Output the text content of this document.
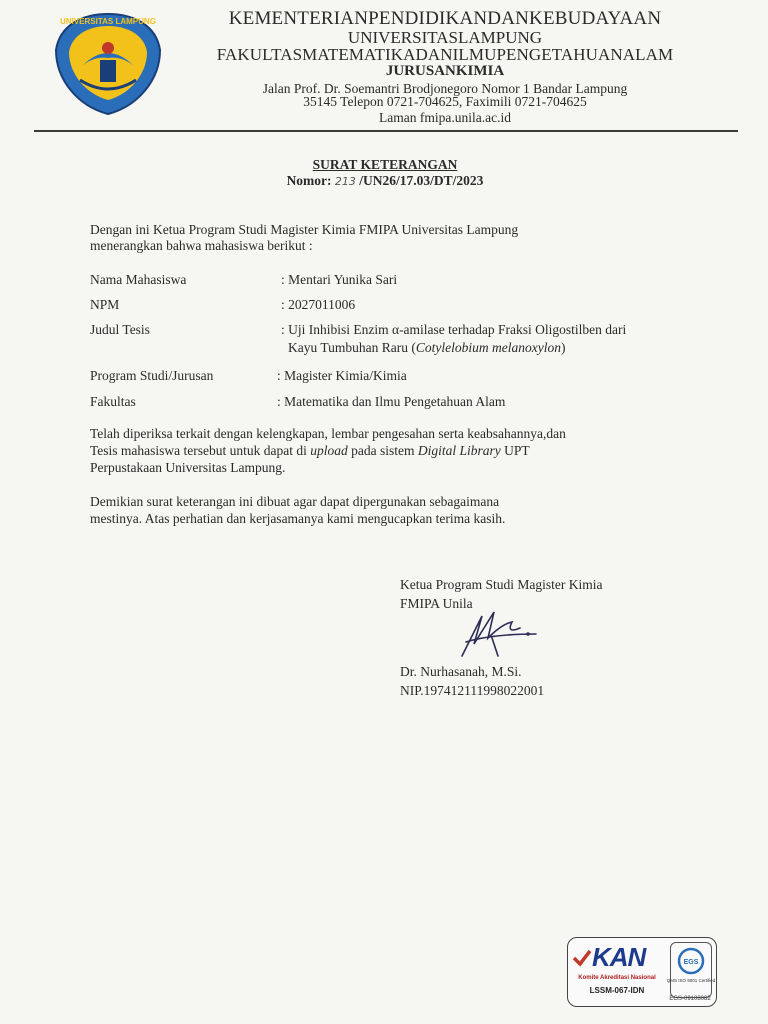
UNIVERSITAS LAMPUNG	KEMENTERIANPENDIDIKANDANKEBUDAYAAN
UNIVERSITASLAMPUNG
FAKULTASMATEMATIKADANILMUPENGETAHUANALAM
JURUSANKIMIA
Jalan Prof. Dr. Soemantri Brodjonegoro Nomor 1 Bandar Lampung
35145 Telepon 0721-704625, Faximili 0721-704625
Laman fmipa.unila.ac.id
SURAT KETERANGAN
Nomor: 213 /UN26/17.03/DT/2023
Dengan ini Ketua Program Studi Magister Kimia FMIPA Universitas Lampung menerangkan bahwa mahasiswa berikut :
Nama Mahasiswa	: Mentari Yunika Sari
NPM	: 2027011006
Judul Tesis	: Uji Inhibisi Enzim α-amilase terhadap Fraksi Oligostilben dari
Kayu Tumbuhan Raru (Cotylelobium melanoxylon)
Program Studi/Jurusan	: Magister Kimia/Kimia
Fakultas	: Matematika dan Ilmu Pengetahuan Alam
Telah diperiksa terkait dengan kelengkapan, lembar pengesahan serta keabsahannya,dan
Tesis mahasiswa tersebut untuk dapat di upload pada sistem Digital Library UPT
Perpustakaan Universitas Lampung.
Demikian surat keterangan ini dibuat agar dapat dipergunakan sebagaimana
mestinya. Atas perhatian dan kerjasamanya kami mengucapkan terima kasih.
Ketua Program Studi Magister Kimia
FMIPA Unila
Dr. Nurhasanah, M.Si.
NIP.197412111998022001
KAN
Komite Akreditasi Nasional
LSSM-067-IDN
EGS
QMS ISO 9001 Certified
EGS-09108082
